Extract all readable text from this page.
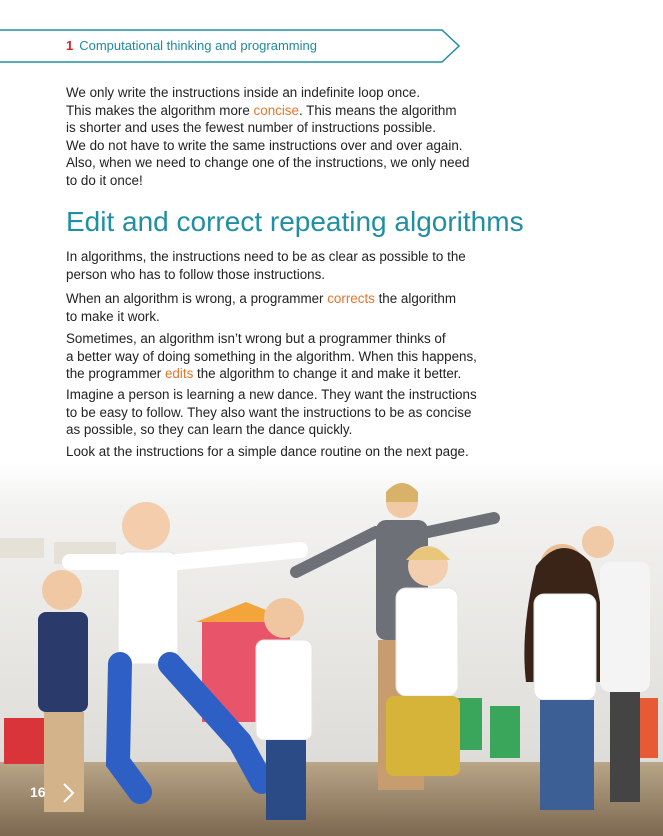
1 Computational thinking and programming

We only write the instructions inside an indefinite loop once.
This makes the algorithm more concise. This means the algorithm
is shorter and uses the fewest number of instructions possible.
We do not have to write the same instructions over and over again.
Also, when we need to change one of the instructions, we only need
to do it once!

Edit and correct repeating algorithms

In algorithms, the instructions need to be as clear as possible to the
person who has to follow those instructions.

When an algorithm is wrong, a programmer corrects the algorithm
to make it work.

Sometimes, an algorithm isn’t wrong but a programmer thinks of
a better way of doing something in the algorithm. When this happens,
the programmer edits the algorithm to change it and make it better.

Imagine a person is learning a new dance. They want the instructions
to be easy to follow. They also want the instructions to be as concise
as possible, so they can learn the dance quickly.

Look at the instructions for a simple dance routine on the next page.

16
